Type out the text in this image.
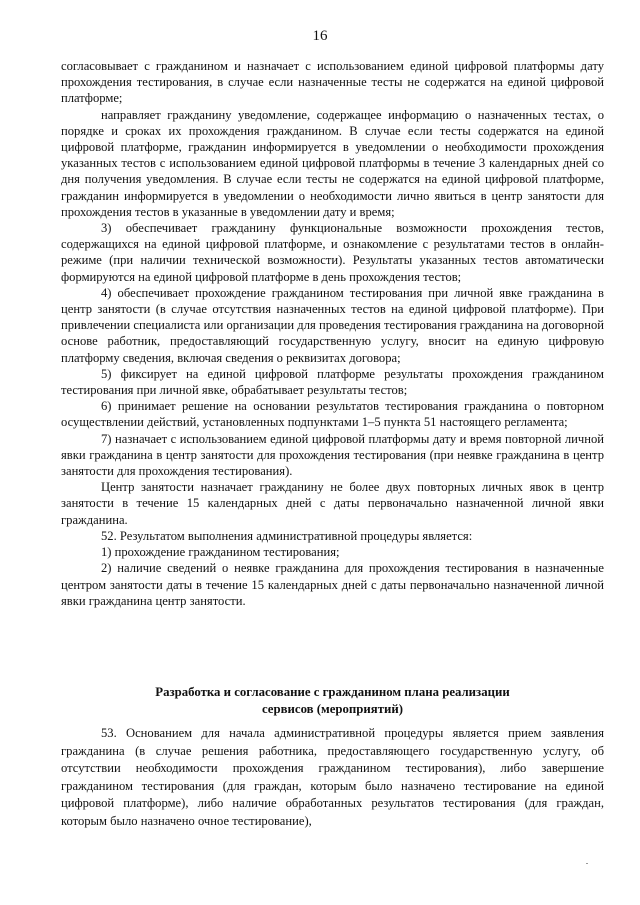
16

согласовывает с гражданином и назначает с использованием единой цифровой платформы дату прохождения тестирования, в случае если назначенные тесты не содержатся на единой цифровой платформе;

направляет гражданину уведомление, содержащее информацию о назначенных тестах, о порядке и сроках их прохождения гражданином. В случае если тесты содержатся на единой цифровой платформе, гражданин информируется в уведомлении о необходимости прохождения указанных тестов с использованием единой цифровой платформы в течение 3 календарных дней со дня получения уведомления. В случае если тесты не содержатся на единой цифровой платформе, гражданин информируется в уведомлении о необходимости лично явиться в центр занятости для прохождения тестов в указанные в уведомлении дату и время;

3) обеспечивает гражданину функциональные возможности прохождения тестов, содержащихся на единой цифровой платформе, и ознакомление с результатами тестов в онлайн-режиме (при наличии технической возможности). Результаты указанных тестов автоматически формируются на единой цифровой платформе в день прохождения тестов;

4) обеспечивает прохождение гражданином тестирования при личной явке гражданина в центр занятости (в случае отсутствия назначенных тестов на единой цифровой платформе). При привлечении специалиста или организации для проведения тестирования гражданина на договорной основе работник, предоставляющий государственную услугу, вносит на единую цифровую платформу сведения, включая сведения о реквизитах договора;

5) фиксирует на единой цифровой платформе результаты прохождения гражданином тестирования при личной явке, обрабатывает результаты тестов;

6) принимает решение на основании результатов тестирования гражданина о повторном осуществлении действий, установленных подпунктами 1–5 пункта 51 настоящего регламента;

7) назначает с использованием единой цифровой платформы дату и время повторной личной явки гражданина в центр занятости для прохождения тестирования (при неявке гражданина в центр занятости для прохождения тестирования).

Центр занятости назначает гражданину не более двух повторных личных явок в центр занятости в течение 15 календарных дней с даты первоначально назначенной личной явки гражданина.

52. Результатом выполнения административной процедуры является:

1) прохождение гражданином тестирования;

2) наличие сведений о неявке гражданина для прохождения тестирования в назначенные центром занятости даты в течение 15 календарных дней с даты первоначально назначенной личной явки гражданина центр занятости.

Разработка и согласование с гражданином плана реализации
сервисов (мероприятий)

53. Основанием для начала административной процедуры является прием заявления гражданина (в случае решения работника, предоставляющего государственную услугу, об отсутствии необходимости прохождения гражданином тестирования), либо завершение гражданином тестирования (для граждан, которым было назначено тестирование на единой цифровой платформе), либо наличие обработанных результатов тестирования (для граждан, которым было назначено очное тестирование),
